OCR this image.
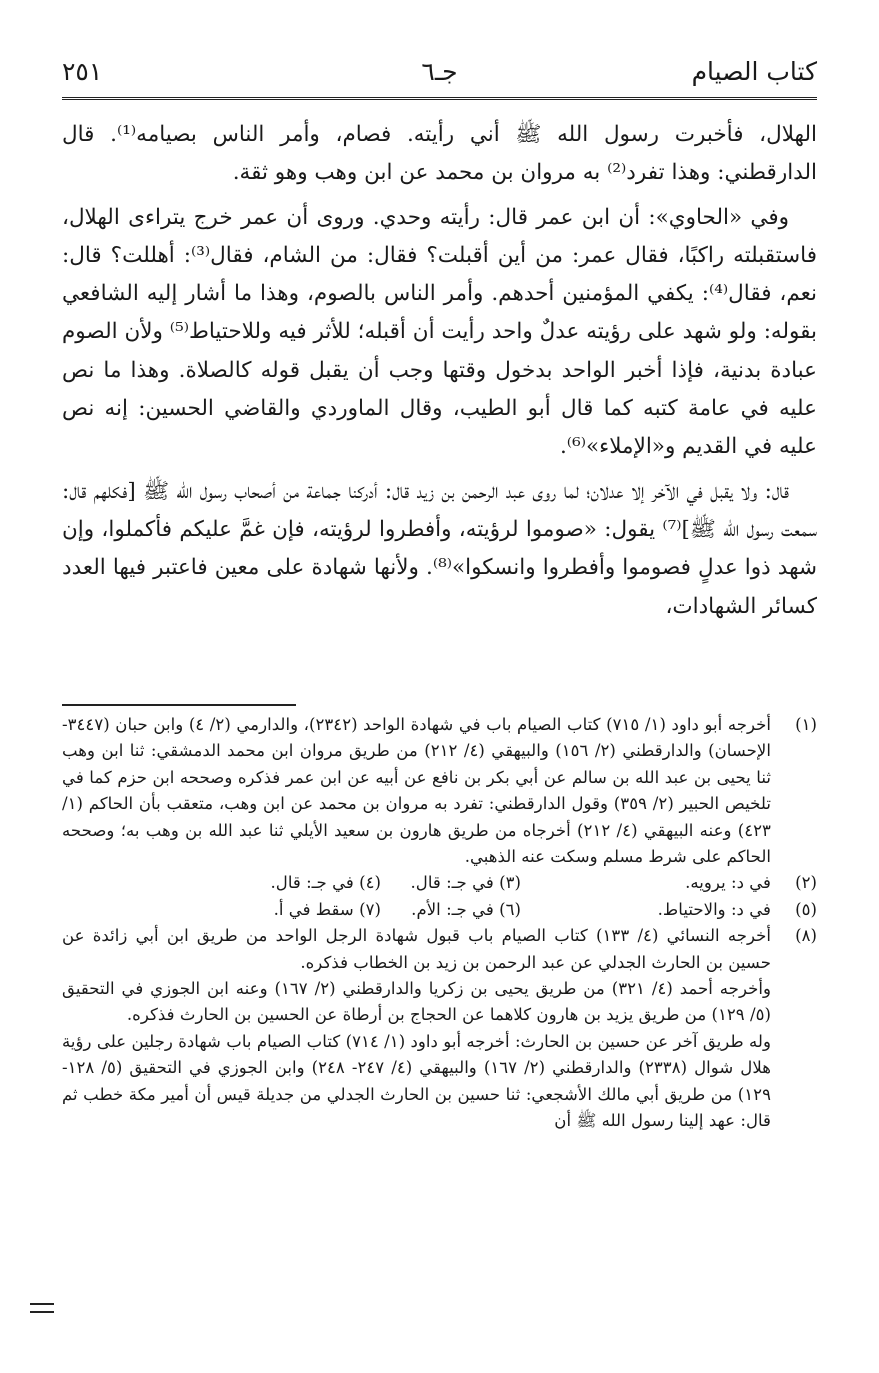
كتاب الصيام
جـ٦
٢٥١

الهلال، فأخبرت رسول الله ﷺ أني رأيته. فصام، وأمر الناس بصيامه⁽¹⁾. قال الدارقطني: وهذا تفرد⁽²⁾ به مروان بن محمد عن ابن وهب وهو ثقة.

وفي «الحاوي»: أن ابن عمر قال: رأيته وحدي. وروى أن عمر خرج يتراءى الهلال، فاستقبلته راكبًا، فقال عمر: من أين أقبلت؟ فقال: من الشام، فقال⁽³⁾: أهللت؟ قال: نعم، فقال⁽⁴⁾: يكفي المؤمنين أحدهم. وأمر الناس بالصوم، وهذا ما أشار إليه الشافعي بقوله: ولو شهد على رؤيته عدلٌ واحد رأيت أن أقبله؛ للأثر فيه وللاحتياط⁽⁵⁾ ولأن الصوم عبادة بدنية، فإذا أخبر الواحد بدخول وقتها وجب أن يقبل قوله كالصلاة. وهذا ما نص عليه في عامة كتبه كما قال أبو الطيب، وقال الماوردي والقاضي الحسين: إنه نص عليه في القديم و«الإملاء»⁽⁶⁾.

قال: ولا يقبل في الآخر إلا عدلان؛ لما روى عبد الرحمن بن زيد قال: أدركنا جماعة من أصحاب رسول الله ﷺ [فكلهم قال: سمعت رسول الله ﷺ]⁽⁷⁾ يقول: «صوموا لرؤيته، وأفطروا لرؤيته، فإن غمَّ عليكم فأكملوا، وإن شهد ذوا عدلٍ فصوموا وأفطروا وانسكوا»⁽⁸⁾. ولأنها شهادة على معين فاعتبر فيها العدد كسائر الشهادات،

(١)
أخرجه أبو داود (١/ ٧١٥) كتاب الصيام باب في شهادة الواحد (٢٣٤٢)، والدارمي (٢/ ٤) وابن حبان (٣٤٤٧- الإحسان) والدارقطني (٢/ ١٥٦) والبيهقي (٤/ ٢١٢) من طريق مروان ابن محمد الدمشقي: ثنا ابن وهب ثنا يحيى بن عبد الله بن سالم عن أبي بكر بن نافع عن أبيه عن ابن عمر فذكره وصححه ابن حزم كما في تلخيص الحبير (٢/ ٣٥٩) وقول الدارقطني: تفرد به مروان بن محمد عن ابن وهب، متعقب بأن الحاكم (١/ ٤٢٣) وعنه البيهقي (٤/ ٢١٢) أخرجاه من طريق هارون بن سعيد الأيلي ثنا عبد الله بن وهب به؛ وصححه الحاكم على شرط مسلم وسكت عنه الذهبي.

(٢)
في د: يرويه.
(٣) في جـ: قال.
(٤) في جـ: قال.
(٥)
في د: والاحتياط.
(٦) في جـ: الأم.
(٧) سقط في أ.

(٨)
أخرجه النسائي (٤/ ١٣٣) كتاب الصيام باب قبول شهادة الرجل الواحد من طريق ابن أبي زائدة عن حسين بن الحارث الجدلي عن عبد الرحمن بن زيد بن الخطاب فذكره.

وأخرجه أحمد (٤/ ٣٢١) من طريق يحيى بن زكريا والدارقطني (٢/ ١٦٧) وعنه ابن الجوزي في التحقيق (٥/ ١٢٩) من طريق يزيد بن هارون كلاهما عن الحجاج بن أرطاة عن الحسين بن الحارث فذكره.

وله طريق آخر عن حسين بن الحارث: أخرجه أبو داود (١/ ٧١٤) كتاب الصيام باب شهادة رجلين على رؤية هلال شوال (٢٣٣٨) والدارقطني (٢/ ١٦٧) والبيهقي (٤/ ٢٤٧- ٢٤٨) وابن الجوزي في التحقيق (٥/ ١٢٨- ١٢٩) من طريق أبي مالك الأشجعي: ثنا حسين بن الحارث الجدلي من جديلة قيس أن أمير مكة خطب ثم قال: عهد إلينا رسول الله ﷺ أن
